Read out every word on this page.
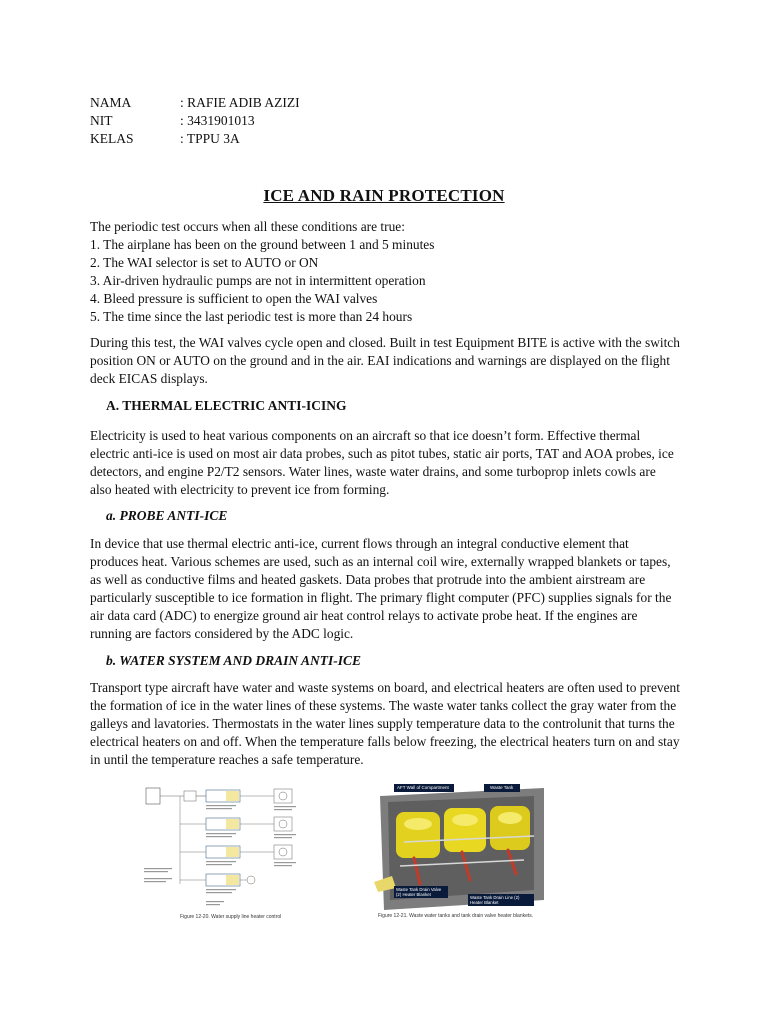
NAMA	: RAFIE ADIB AZIZI
NIT	: 3431901013
KELAS	: TPPU 3A
ICE AND RAIN PROTECTION
The periodic test occurs when all these conditions are true:
1. The airplane has been on the ground between 1 and 5 minutes
2. The WAI selector is set to AUTO or ON
3. Air-driven hydraulic pumps are not in intermittent operation
4. Bleed pressure is sufficient to open the WAI valves
5. The time since the last periodic test is more than 24 hours

During this test, the WAI valves cycle open and closed. Built in test Equipment BITE is active with the switch position ON or AUTO on the ground and in the air. EAI indications and warnings are displayed on the flight deck EICAS displays.

A. THERMAL ELECTRIC ANTI-ICING

Electricity is used to heat various components on an aircraft so that ice doesn’t form. Effective thermal electric anti-ice is used on most air data probes, such as pitot tubes, static air ports, TAT and AOA probes, ice detectors, and engine P2/T2 sensors. Water lines, waste water drains, and some turboprop inlets cowls are also heated with electricity to prevent ice from forming.

a. PROBE ANTI-ICE

In device that use thermal electric anti-ice, current flows through an integral conductive element that produces heat. Various schemes are used, such as an internal coil wire, externally wrapped blankets or tapes, as well as conductive films and heated gaskets. Data probes that protrude into the ambient airstream are particularly susceptible to ice formation in flight. The primary flight computer (PFC) supplies signals for the air data card (ADC) to energize ground air heat control relays to activate probe heat. If the engines are running are factors considered by the ADC logic.

b. WATER SYSTEM AND DRAIN ANTI-ICE

Transport type aircraft have water and waste systems on board, and electrical heaters are often used to prevent the formation of ice in the water lines of these systems. The waste water tanks collect the gray water from the galleys and lavatories. Thermostats in the water lines supply temperature data to the controlunit that turns the electrical heaters on and off. When the temperature falls below freezing, the electrical heaters turn on and stay in until the temperature reaches a safe temperature.

Figure 12-20. Water supply line heater control
AFT Wall of Compartment	Waste Tank
Waste Tank Drain Valve (2) Heater Blanket
Waste Tank Drain Line (2) Heater Blanket
Figure 12-21. Waste water tanks and tank drain valve heater blankets.
